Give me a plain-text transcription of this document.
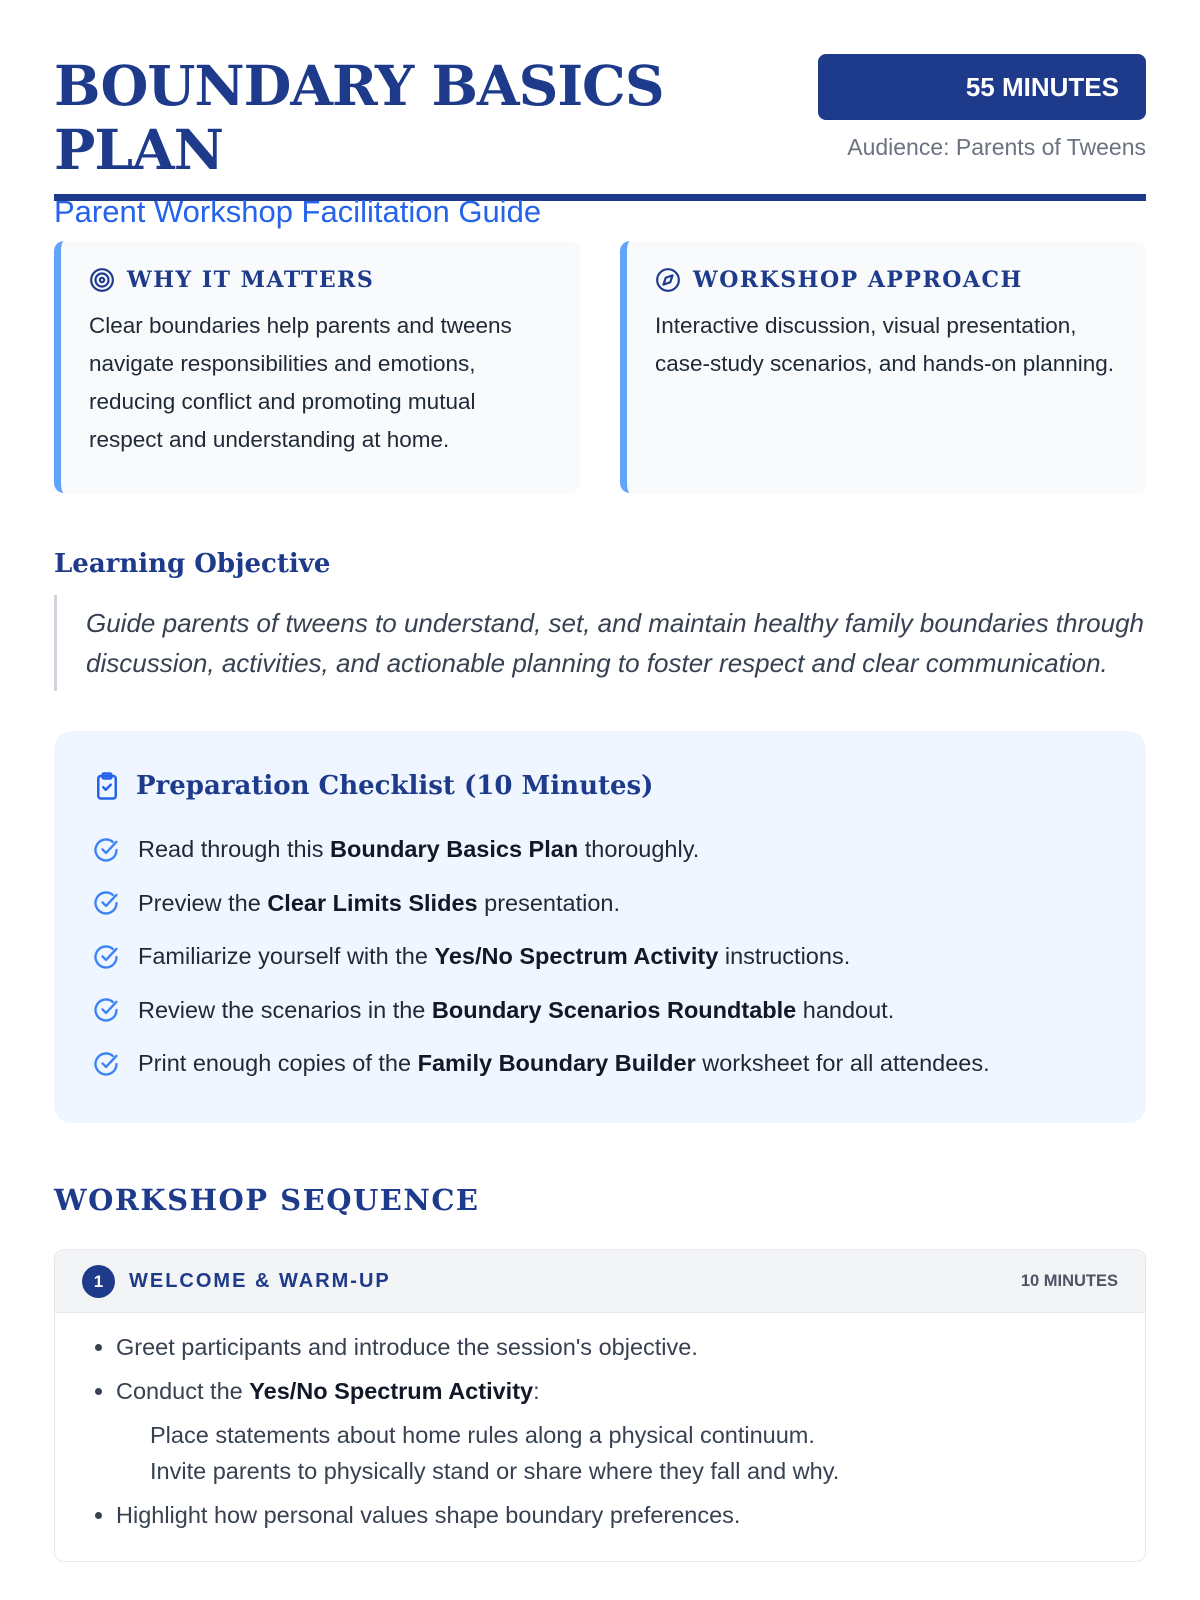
BOUNDARY BASICS PLAN
Parent Workshop Facilitation Guide
55 MINUTES
Audience: Parents of Tweens
WHY IT MATTERS
Clear boundaries help parents and tweens navigate responsibilities and emotions, reducing conflict and promoting mutual respect and understanding at home.
WORKSHOP APPROACH
Interactive discussion, visual presentation, case-study scenarios, and hands-on planning.
Learning Objective
Guide parents of tweens to understand, set, and maintain healthy family boundaries through discussion, activities, and actionable planning to foster respect and clear communication.
Preparation Checklist (10 Minutes)
Read through this Boundary Basics Plan thoroughly.
Preview the Clear Limits Slides presentation.
Familiarize yourself with the Yes/No Spectrum Activity instructions.
Review the scenarios in the Boundary Scenarios Roundtable handout.
Print enough copies of the Family Boundary Builder worksheet for all attendees.
WORKSHOP SEQUENCE
1	WELCOME & WARM-UP	10 MINUTES
• Greet participants and introduce the session's objective.
• Conduct the Yes/No Spectrum Activity:
Place statements about home rules along a physical continuum.
Invite parents to physically stand or share where they fall and why.
• Highlight how personal values shape boundary preferences.
